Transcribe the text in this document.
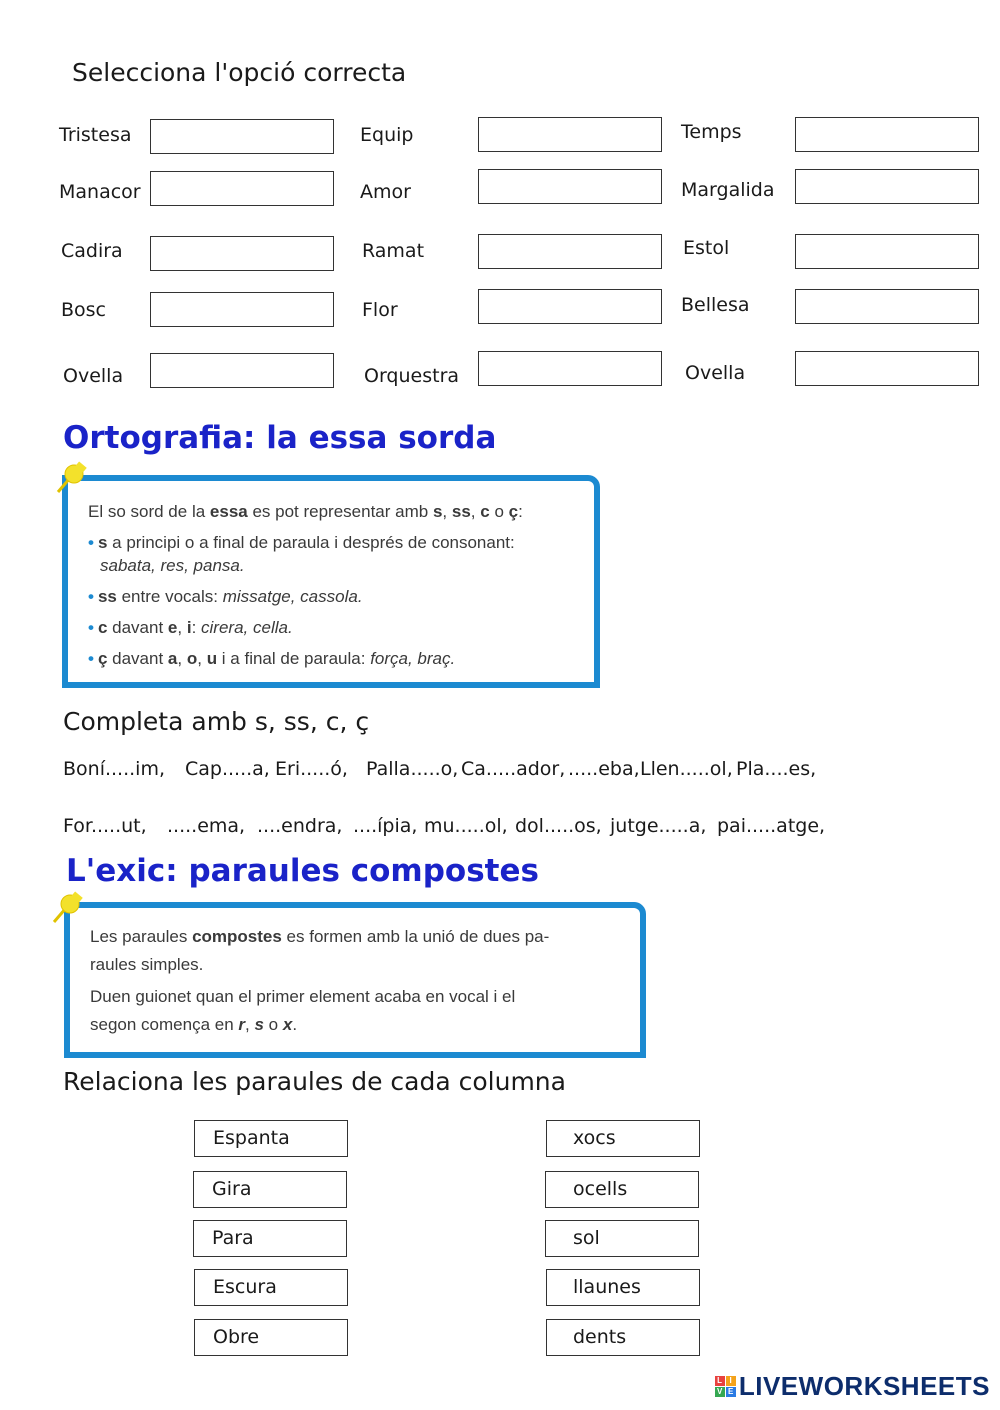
Selecciona l'opció correcta
Tristesa
Manacor
Cadira
Bosc
Ovella
Equip
Amor
Ramat
Flor
Orquestra
Temps
Margalida
Estol
Bellesa
Ovella
Ortografia: la essa sorda
El so sord de la essa es pot representar amb s, ss, c o ç:
• s a principi o a final de paraula i després de consonant:
sabata, res, pansa.
• ss entre vocals: missatge, cassola.
• c davant e, i: cirera, cella.
• ç davant a, o, u i a final de paraula: força, braç.
Completa amb s, ss, c, ç
Boní.....im, Cap.....a, Eri.....ó, Palla.....o, Ca.....ador, .....eba, Llen.....ol, Pla....es,
For.....ut, .....ema, ....endra, ....ípia, mu.....ol, dol.....os, jutge.....a, pai.....atge,
L'exic: paraules compostes
Les paraules compostes es formen amb la unió de dues pa-
raules simples.
Duen guionet quan el primer element acaba en vocal i el
segon comença en r, s o x.
Relaciona les paraules de cada columna
Espanta
Gira
Para
Escura
Obre
xocs
ocells
sol
llaunes
dents
L I
V E LIVEWORKSHEETS
